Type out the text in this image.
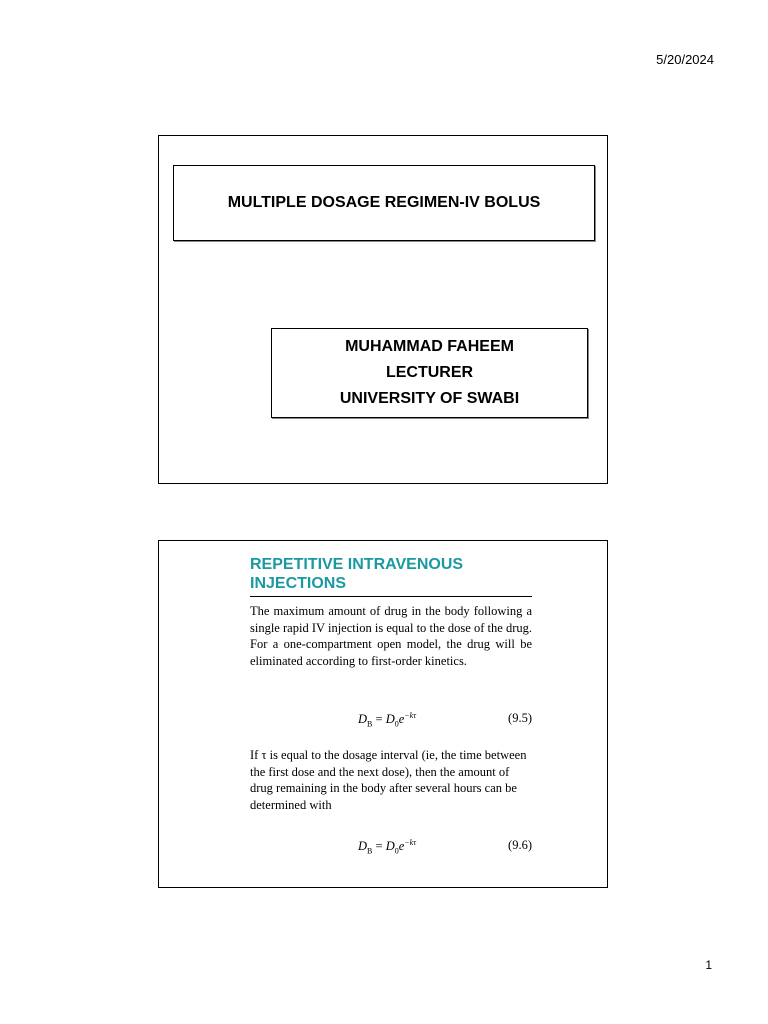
5/20/2024
MULTIPLE DOSAGE REGIMEN-IV BOLUS
MUHAMMAD FAHEEM
LECTURER
UNIVERSITY OF SWABI
REPETITIVE INTRAVENOUS
INJECTIONS
The maximum amount of drug in the body following a single rapid IV injection is equal to the dose of the drug. For a one-compartment open model, the drug will be eliminated according to first-order kinetics.
$D_B = D_0e^{-k\tau}$	(9.5)
If τ is equal to the dosage interval (ie, the time between the first dose and the next dose), then the amount of drug remaining in the body after several hours can be determined with
$D_B = D_0e^{-k\tau}$	(9.6)
1
